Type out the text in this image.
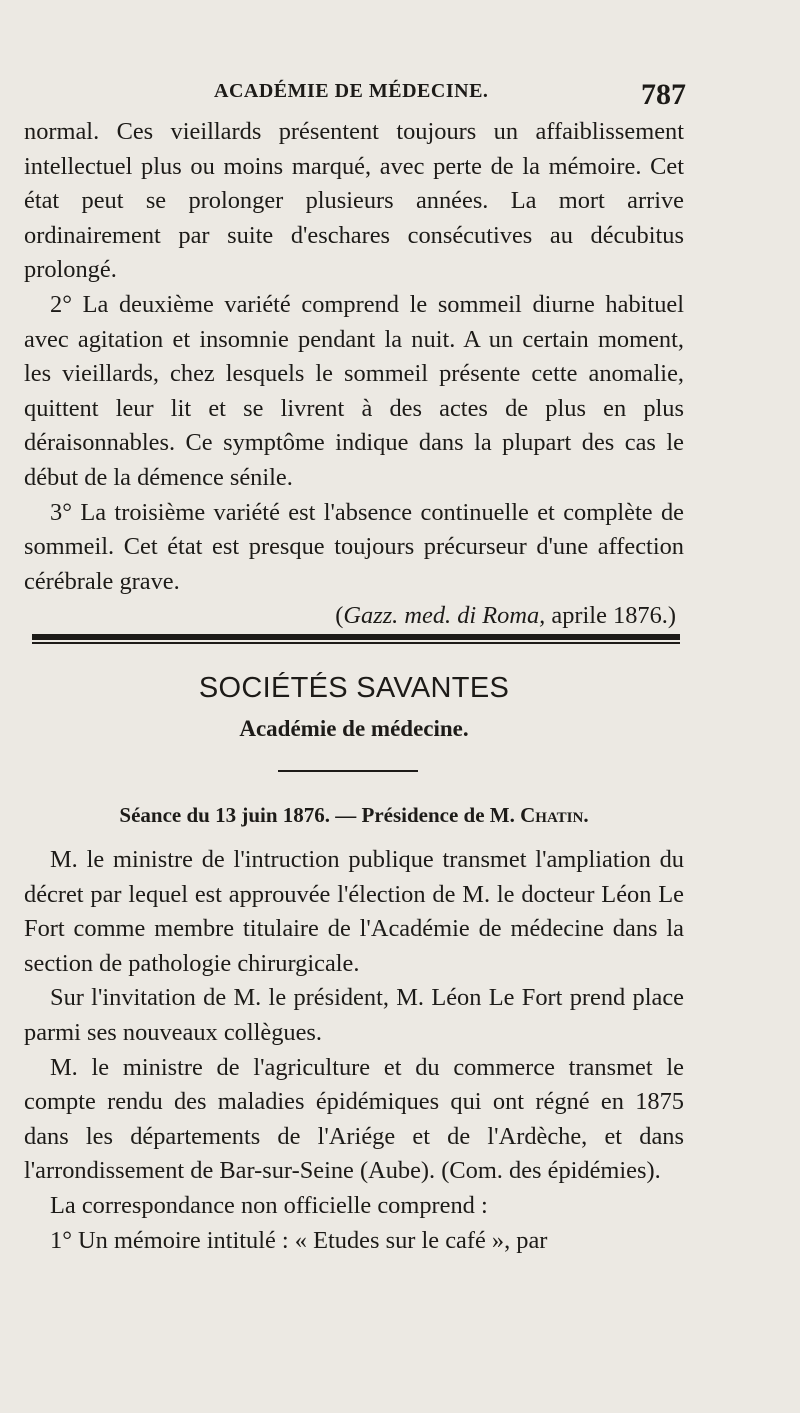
ACADÉMIE DE MÉDECINE.	787

normal. Ces vieillards présentent toujours un affaiblissement intellectuel plus ou moins marqué, avec perte de la mémoire. Cet état peut se prolonger plusieurs années. La mort arrive ordinairement par suite d'eschares consécutives au décubitus prolongé.

2° La deuxième variété comprend le sommeil diurne habituel avec agitation et insomnie pendant la nuit. A un certain moment, les vieillards, chez lesquels le sommeil présente cette anomalie, quittent leur lit et se livrent à des actes de plus en plus déraisonnables. Ce symptôme indique dans la plupart des cas le début de la démence sénile.

3° La troisième variété est l'absence continuelle et complète de sommeil. Cet état est presque toujours précurseur d'une affection cérébrale grave.

(Gazz. med. di Roma, aprile 1876.)

SOCIÉTÉS SAVANTES
Académie de médecine.
Séance du 13 juin 1876. — Présidence de M. Chatin.

M. le ministre de l'intruction publique transmet l'ampliation du décret par lequel est approuvée l'élection de M. le docteur Léon Le Fort comme membre titulaire de l'Académie de médecine dans la section de pathologie chirurgicale.

Sur l'invitation de M. le président, M. Léon Le Fort prend place parmi ses nouveaux collègues.

M. le ministre de l'agriculture et du commerce transmet le compte rendu des maladies épidémiques qui ont régné en 1875 dans les départements de l'Ariége et de l'Ardèche, et dans l'arrondissement de Bar-sur-Seine (Aube). (Com. des épidémies).

La correspondance non officielle comprend :

1° Un mémoire intitulé : « Etudes sur le café », par
